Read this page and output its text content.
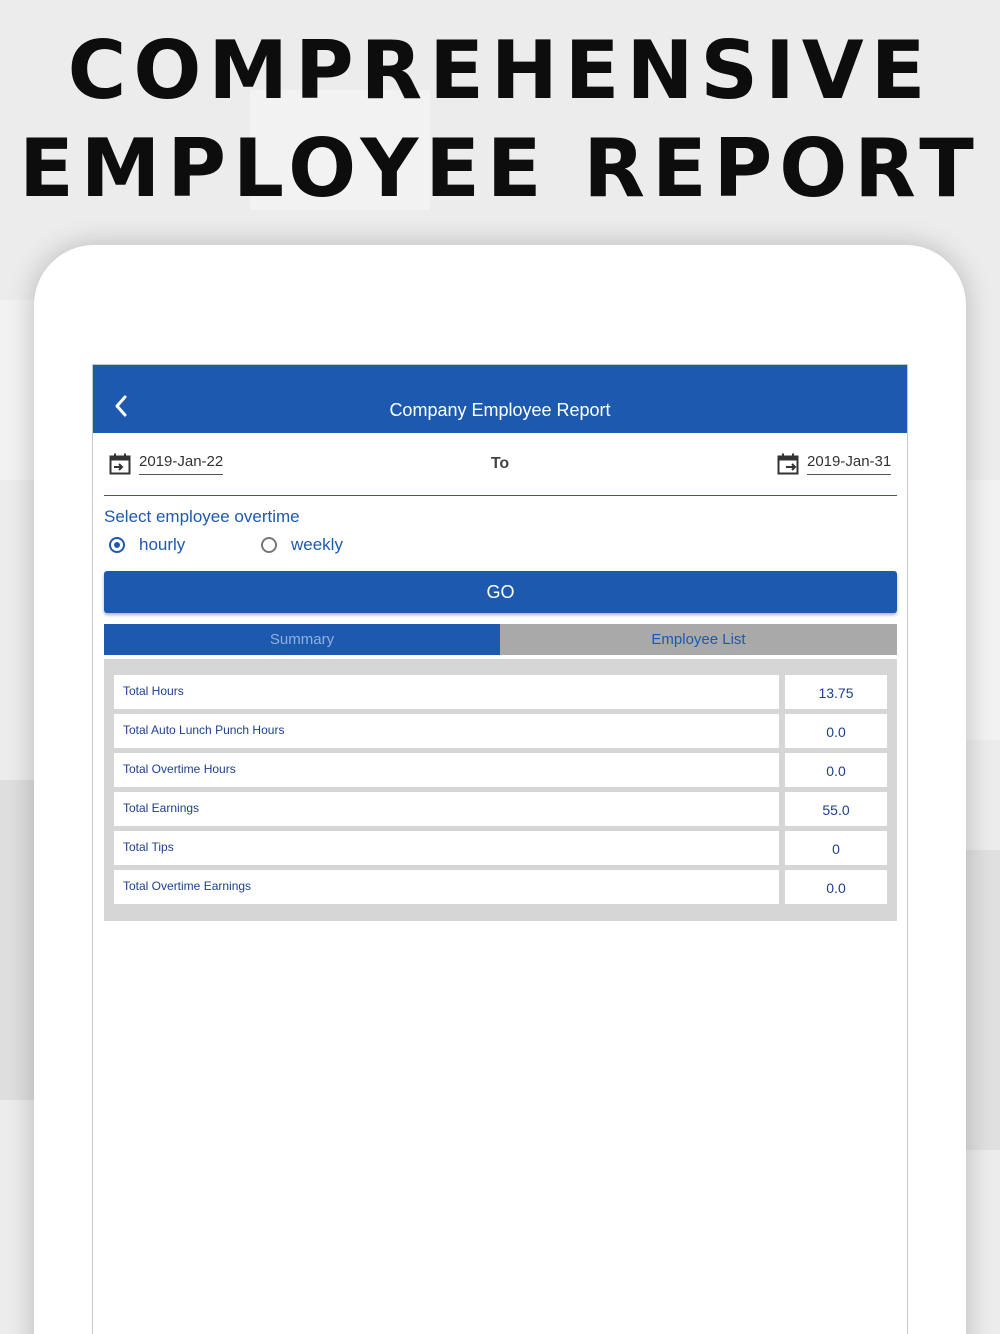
COMPREHENSIVE
EMPLOYEE REPORT
Company Employee Report
2019-Jan-22	To	2019-Jan-31
Select employee overtime
hourly	weekly
GO
Summary	Employee List
Total Hours	13.75
Total Auto Lunch Punch Hours	0.0
Total Overtime Hours	0.0
Total Earnings	55.0
Total Tips	0
Total Overtime Earnings	0.0
